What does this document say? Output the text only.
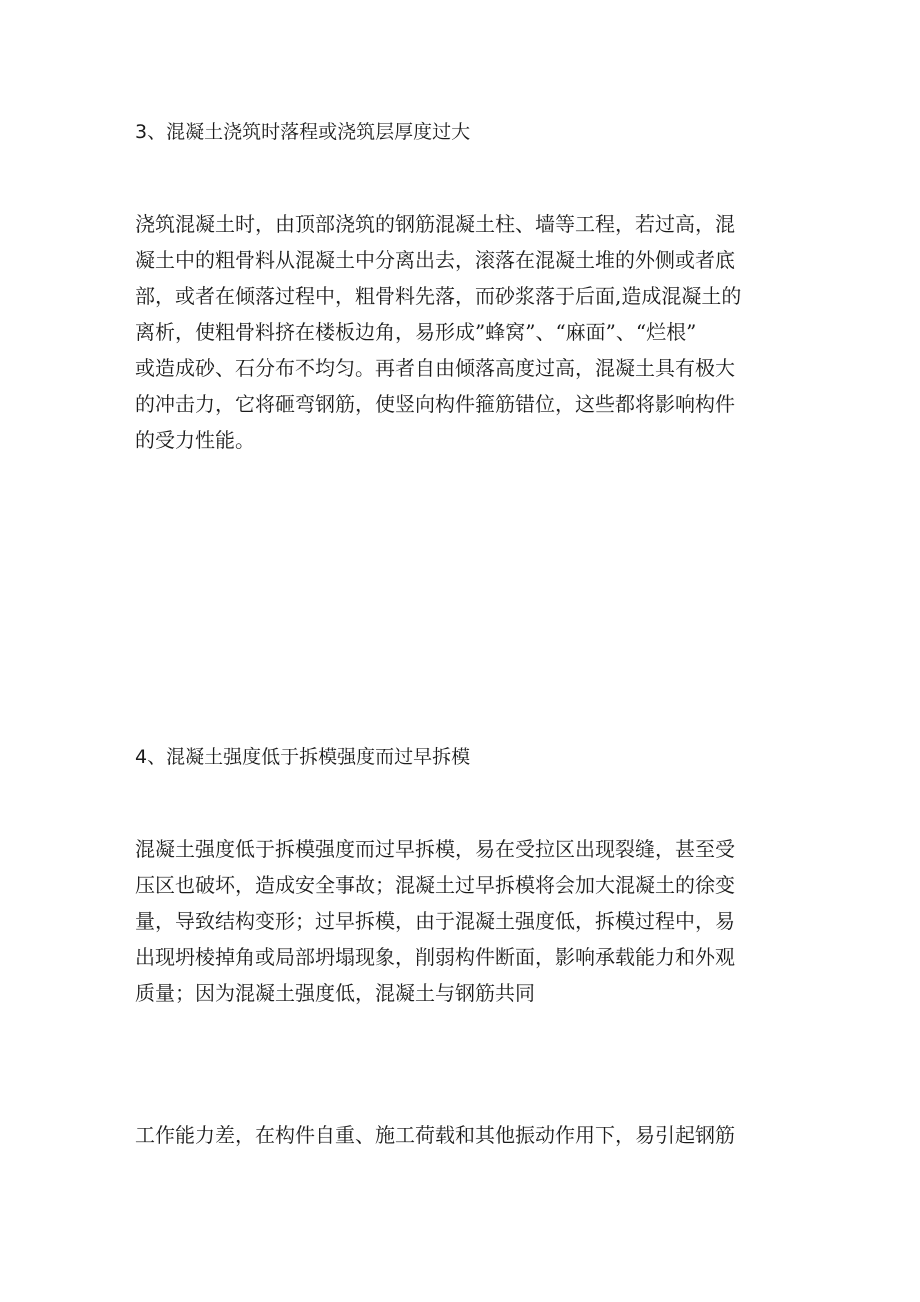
3、混凝土浇筑时落程或浇筑层厚度过大

浇筑混凝土时，由顶部浇筑的钢筋混凝土柱、墙等工程，若过高，混
凝土中的粗骨料从混凝土中分离出去，滚落在混凝土堆的外侧或者底
部，或者在倾落过程中，粗骨料先落，而砂浆落于后面,造成混凝土的
离析，使粗骨料挤在楼板边角，易形成”蜂窝”、“麻面”、“烂根”
或造成砂、石分布不均匀。再者自由倾落高度过高，混凝土具有极大
的冲击力，它将砸弯钢筋，使竖向构件箍筋错位，这些都将影响构件
的受力性能。

4、混凝土强度低于拆模强度而过早拆模

混凝土强度低于拆模强度而过早拆模，易在受拉区出现裂缝，甚至受
压区也破坏，造成安全事故；混凝土过早拆模将会加大混凝土的徐变
量，导致结构变形；过早拆模，由于混凝土强度低，拆模过程中，易
出现坍棱掉角或局部坍塌现象，削弱构件断面，影响承载能力和外观
质量；因为混凝土强度低，混凝土与钢筋共同

工作能力差，在构件自重、施工荷载和其他振动作用下，易引起钢筋
